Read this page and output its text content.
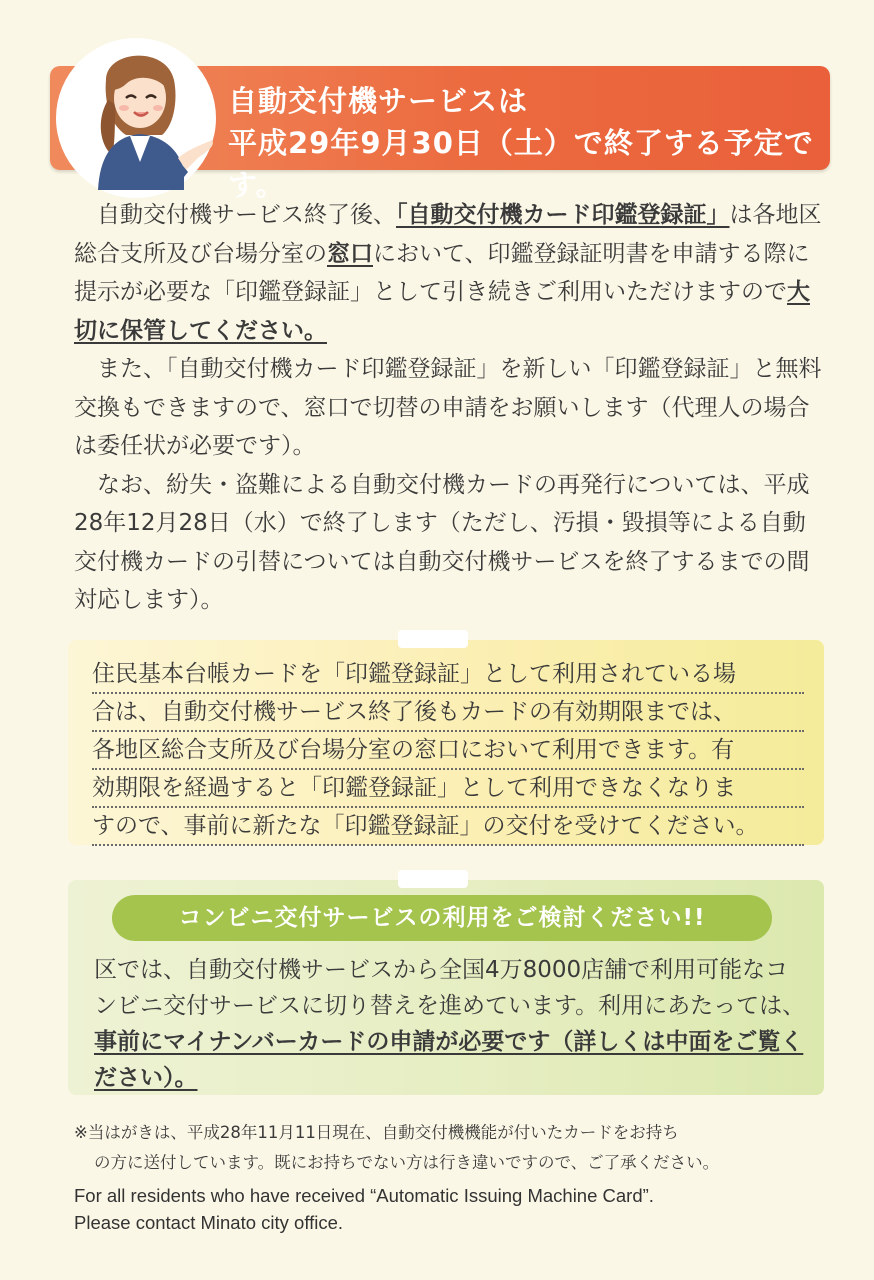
自動交付機サービスは
平成29年9月30日（土）で終了する予定です。

自動交付機サービス終了後、「自動交付機カード印鑑登録証」は各地区総合支所及び台場分室の窓口において、印鑑登録証明書を申請する際に提示が必要な「印鑑登録証」として引き続きご利用いただけますので大切に保管してください。

また、「自動交付機カード印鑑登録証」を新しい「印鑑登録証」と無料交換もできますので、窓口で切替の申請をお願いします（代理人の場合は委任状が必要です）。

なお、紛失・盗難による自動交付機カードの再発行については、平成28年12月28日（水）で終了します（ただし、汚損・毀損等による自動交付機カードの引替については自動交付機サービスを終了するまでの間対応します）。

住民基本台帳カードを「印鑑登録証」として利用されている場
合は、自動交付機サービス終了後もカードの有効期限までは、
各地区総合支所及び台場分室の窓口において利用できます。有
効期限を経過すると「印鑑登録証」として利用できなくなりま
すので、事前に新たな「印鑑登録証」の交付を受けてください。
コンビニ交付サービスの利用をご検討ください!!
区では、自動交付機サービスから全国4万8000店舗で利用可能なコンビニ交付サービスに切り替えを進めています。利用にあたっては、事前にマイナンバーカードの申請が必要です（詳しくは中面をご覧ください）。
※当はがきは、平成28年11月11日現在、自動交付機機能が付いたカードをお持ち
の方に送付しています。既にお持ちでない方は行き違いですので、ご了承ください。
For all residents who have received “Automatic Issuing Machine Card”.
Please contact Minato city office.
